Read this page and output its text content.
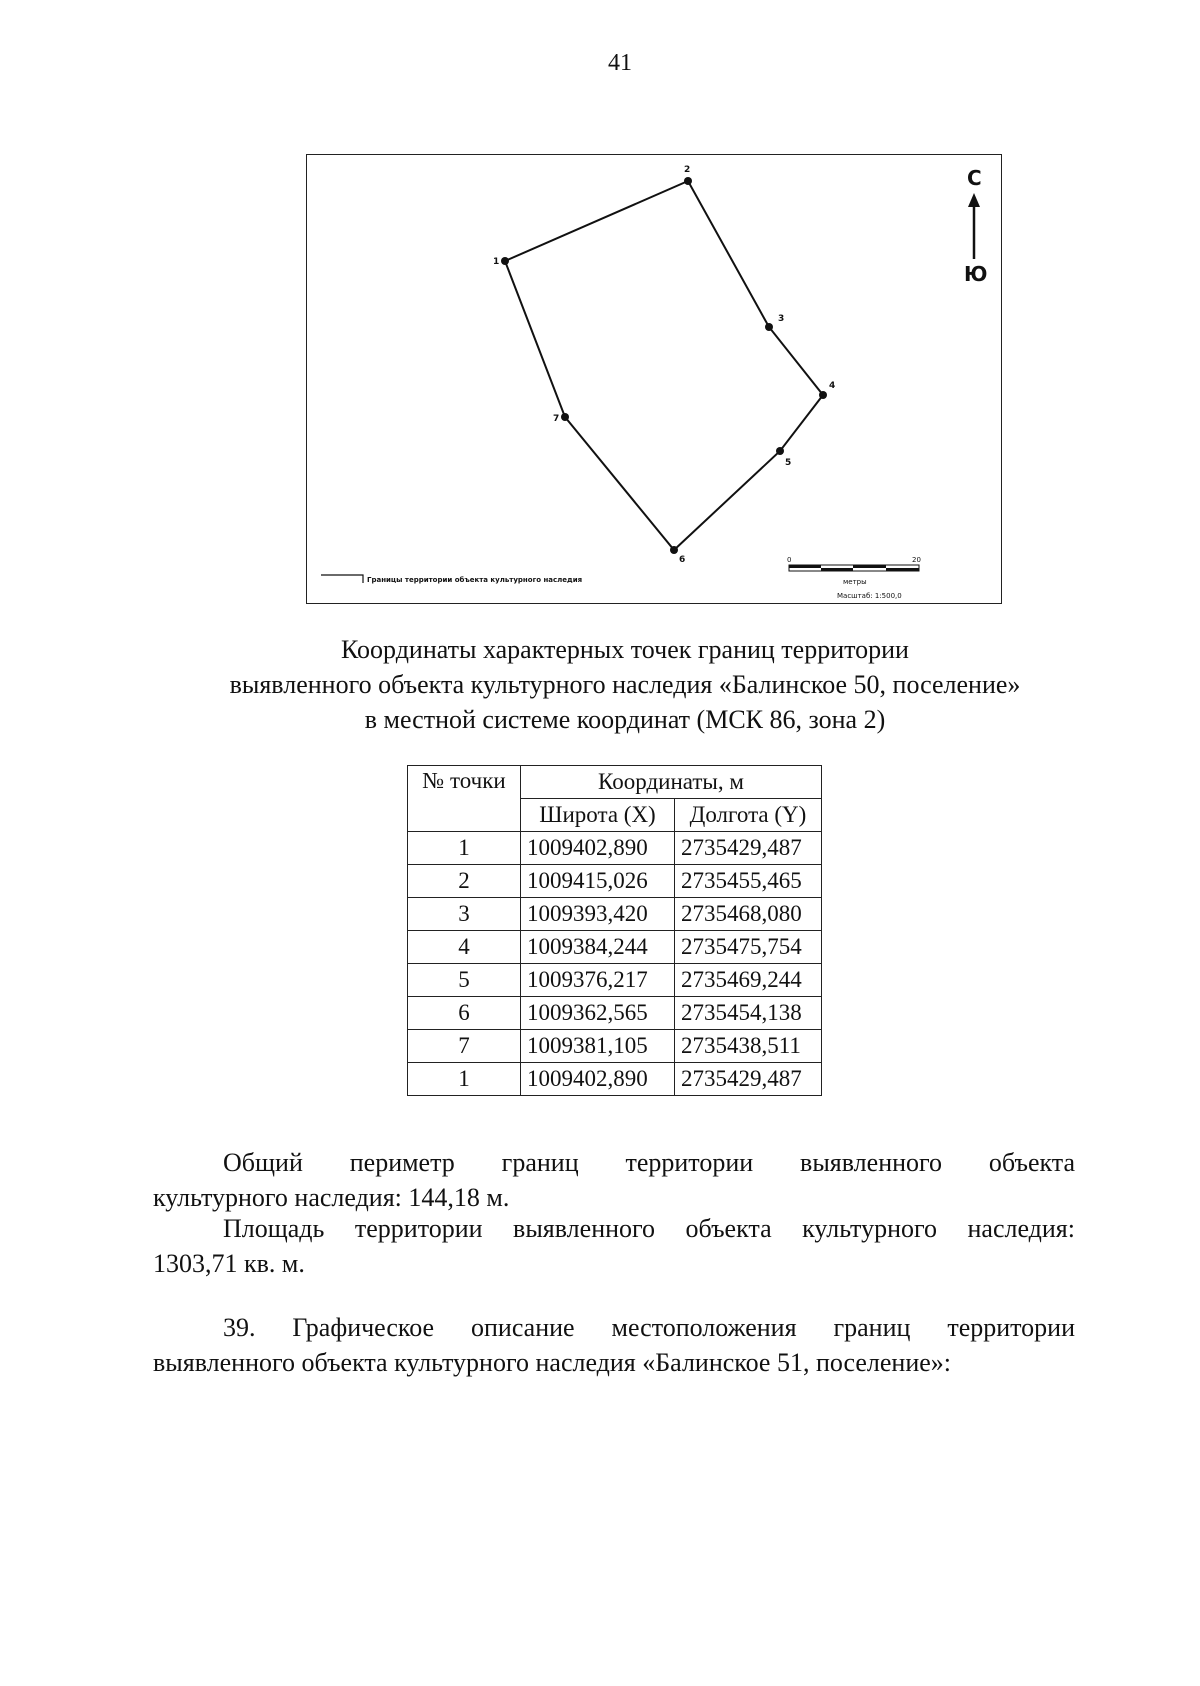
41
1
2
3
4
5
6
7
С
Ю
Границы территории объекта культурного наследия
0	20
метры
Масштаб: 1:500,0
Координаты характерных точек границ территории
выявленного объекта культурного наследия «Балинское 50, поселение»
в местной системе координат (МСК 86, зона 2)
№ точки	Координаты, м	
	Широта (X)	Долгота (Y)
1	1009402,890	2735429,487
2	1009415,026	2735455,465
3	1009393,420	2735468,080
4	1009384,244	2735475,754
5	1009376,217	2735469,244
6	1009362,565	2735454,138
7	1009381,105	2735438,511
1	1009402,890	2735429,487
Общий периметр границ территории выявленного объекта
культурного наследия: 144,18 м.
Площадь территории выявленного объекта культурного наследия:
1303,71 кв. м.
39. Графическое описание местоположения границ территории
выявленного объекта культурного наследия «Балинское 51, поселение»:
